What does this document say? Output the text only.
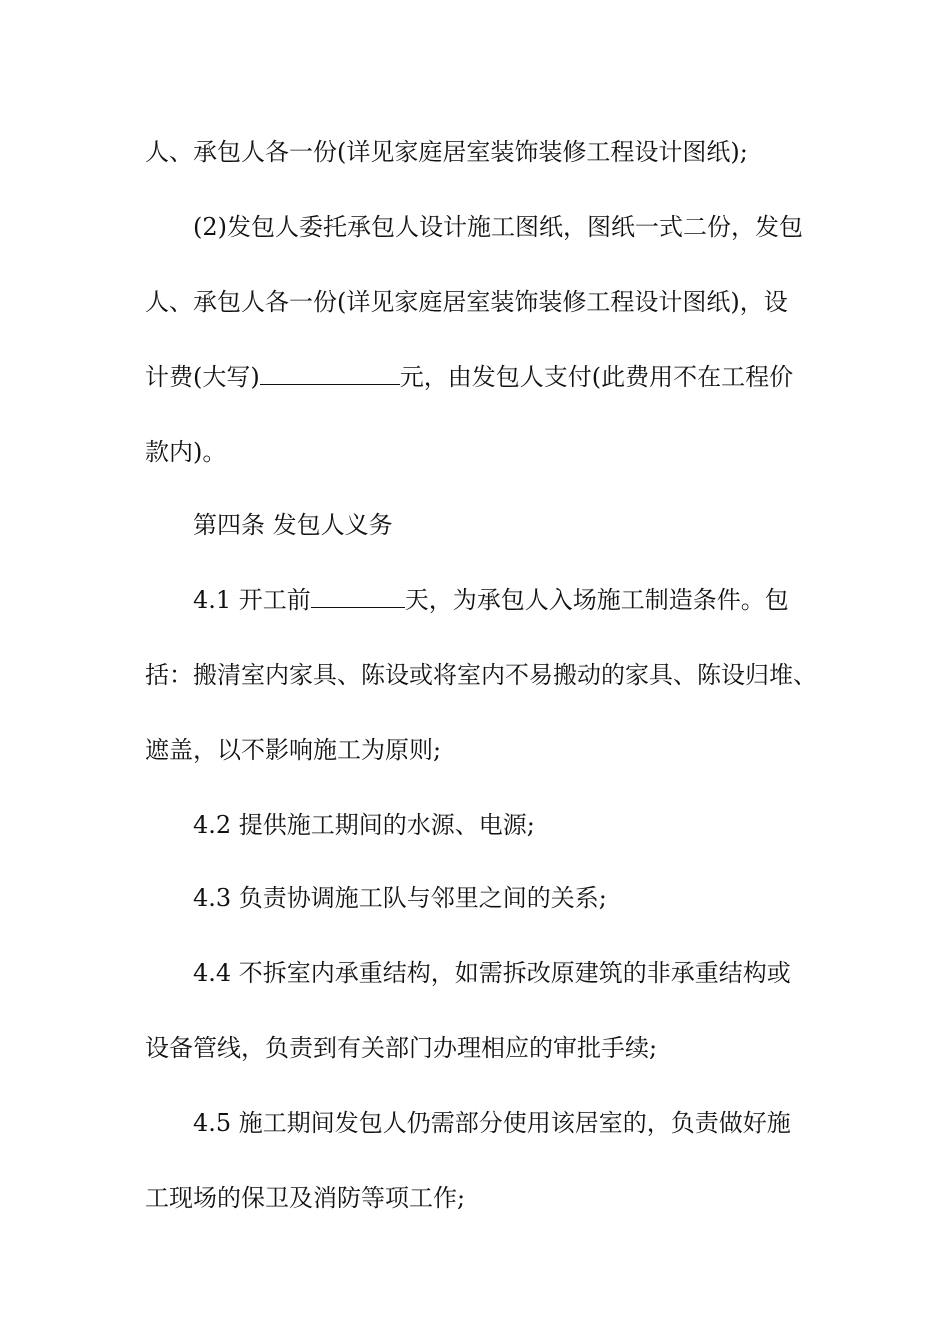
人、承包人各一份(详见家庭居室装饰装修工程设计图纸);
(2)发包人委托承包人设计施工图纸，图纸一式二份，发包
人、承包人各一份(详见家庭居室装饰装修工程设计图纸)，设
计费(大写)	元，由发包人支付(此费用不在工程价
款内)。
第四条 发包人义务
4.1 开工前	天，为承包人入场施工制造条件。包
括：搬清室内家具、陈设或将室内不易搬动的家具、陈设归堆、
遮盖，以不影响施工为原则;
4.2 提供施工期间的水源、电源;
4.3 负责协调施工队与邻里之间的关系;
4.4 不拆室内承重结构，如需拆改原建筑的非承重结构或
设备管线，负责到有关部门办理相应的审批手续;
4.5 施工期间发包人仍需部分使用该居室的，负责做好施
工现场的保卫及消防等项工作;
